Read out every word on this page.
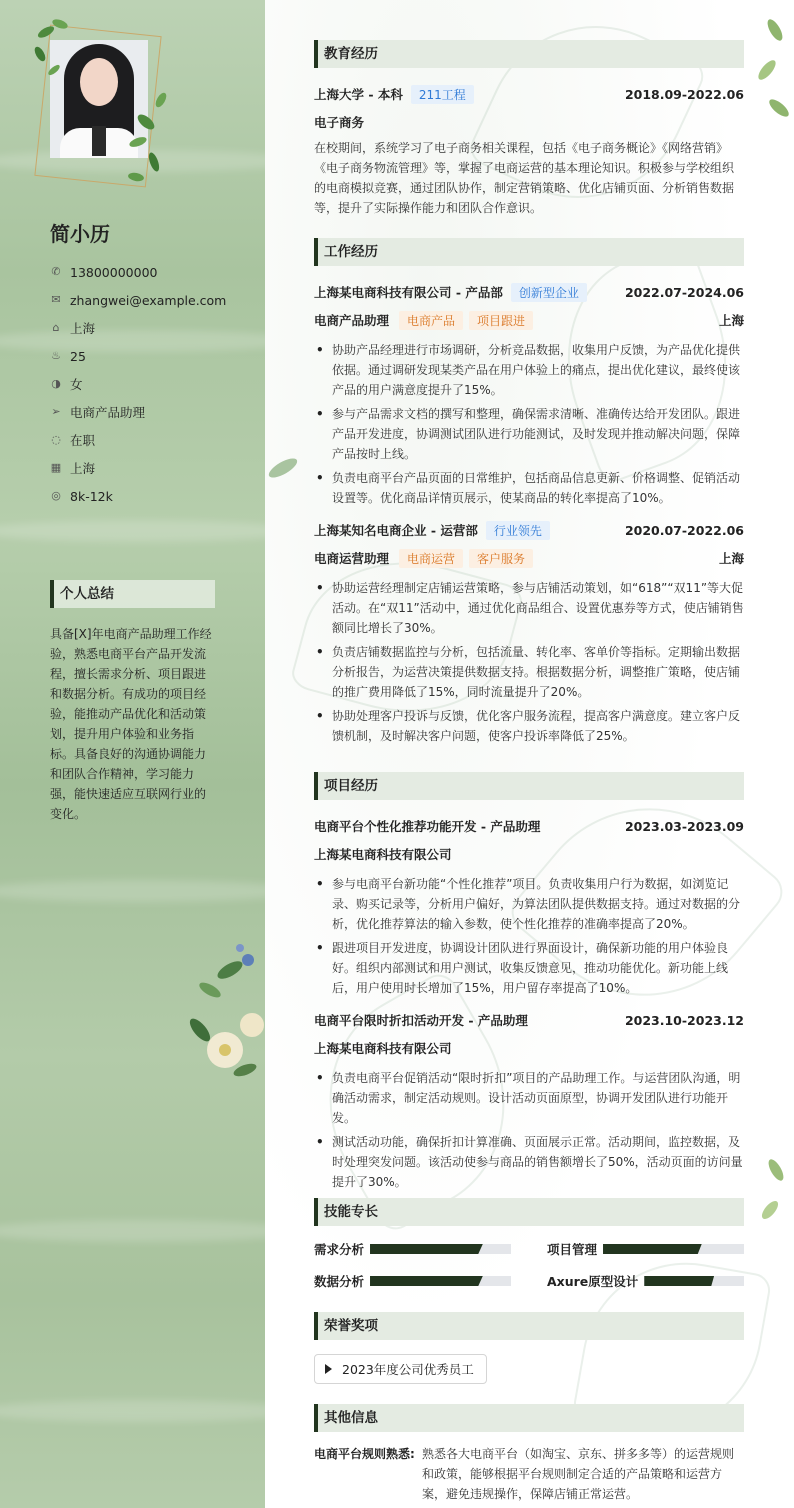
简小历
✆ 13800000000
✉ zhangwei@example.com
⌂ 上海
♨ 25
◑ 女
➢ 电商产品助理
◌ 在职
▦ 上海
◎ 8k-12k
个人总结
具备[X]年电商产品助理工作经验，熟悉电商平台产品开发流程，擅长需求分析、项目跟进和数据分析。有成功的项目经验，能推动产品优化和活动策划，提升用户体验和业务指标。具备良好的沟通协调能力和团队合作精神，学习能力强，能快速适应互联网行业的变化。
教育经历
上海大学 - 本科	211工程	2018.09-2022.06
电子商务
在校期间，系统学习了电子商务相关课程，包括《电子商务概论》《网络营销》《电子商务物流管理》等，掌握了电商运营的基本理论知识。积极参与学校组织的电商模拟竞赛，通过团队协作，制定营销策略、优化店铺页面、分析销售数据等，提升了实际操作能力和团队合作意识。
工作经历
上海某电商科技有限公司 - 产品部	创新型企业	2022.07-2024.06
电商产品助理	电商产品	项目跟进	上海
• 协助产品经理进行市场调研，分析竞品数据，收集用户反馈，为产品优化提供依据。通过调研发现某类产品在用户体验上的痛点，提出优化建议，最终使该产品的用户满意度提升了15%。
• 参与产品需求文档的撰写和整理，确保需求清晰、准确传达给开发团队。跟进产品开发进度，协调测试团队进行功能测试，及时发现并推动解决问题，保障产品按时上线。
• 负责电商平台产品页面的日常维护，包括商品信息更新、价格调整、促销活动设置等。优化商品详情页展示，使某商品的转化率提高了10%。
上海某知名电商企业 - 运营部	行业领先	2020.07-2022.06
电商运营助理	电商运营	客户服务	上海
• 协助运营经理制定店铺运营策略，参与店铺活动策划，如“618”“双11”等大促活动。在“双11”活动中，通过优化商品组合、设置优惠券等方式，使店铺销售额同比增长了30%。
• 负责店铺数据监控与分析，包括流量、转化率、客单价等指标。定期输出数据分析报告，为运营决策提供数据支持。根据数据分析，调整推广策略，使店铺的推广费用降低了15%，同时流量提升了20%。
• 协助处理客户投诉与反馈，优化客户服务流程，提高客户满意度。建立客户反馈机制，及时解决客户问题，使客户投诉率降低了25%。
项目经历
电商平台个性化推荐功能开发 - 产品助理	2023.03-2023.09
上海某电商科技有限公司
• 参与电商平台新功能“个性化推荐”项目。负责收集用户行为数据，如浏览记录、购买记录等，分析用户偏好，为算法团队提供数据支持。通过对数据的分析，优化推荐算法的输入参数，使个性化推荐的准确率提高了20%。
• 跟进项目开发进度，协调设计团队进行界面设计，确保新功能的用户体验良好。组织内部测试和用户测试，收集反馈意见，推动功能优化。新功能上线后，用户使用时长增加了15%，用户留存率提高了10%。
电商平台限时折扣活动开发 - 产品助理	2023.10-2023.12
上海某电商科技有限公司
• 负责电商平台促销活动“限时折扣”项目的产品助理工作。与运营团队沟通，明确活动需求，制定活动规则。设计活动页面原型，协调开发团队进行功能开发。
• 测试活动功能，确保折扣计算准确、页面展示正常。活动期间，监控数据，及时处理突发问题。该活动使参与商品的销售额增长了50%，活动页面的访问量提升了30%。
技能专长
需求分析	项目管理
数据分析	Axure原型设计
荣誉奖项
2023年度公司优秀员工
其他信息
电商平台规则熟悉: 熟悉各大电商平台（如淘宝、京东、拼多多等）的运营规则和政策，能够根据平台规则制定合适的产品策略和运营方案，避免违规操作，保障店铺正常运营。
